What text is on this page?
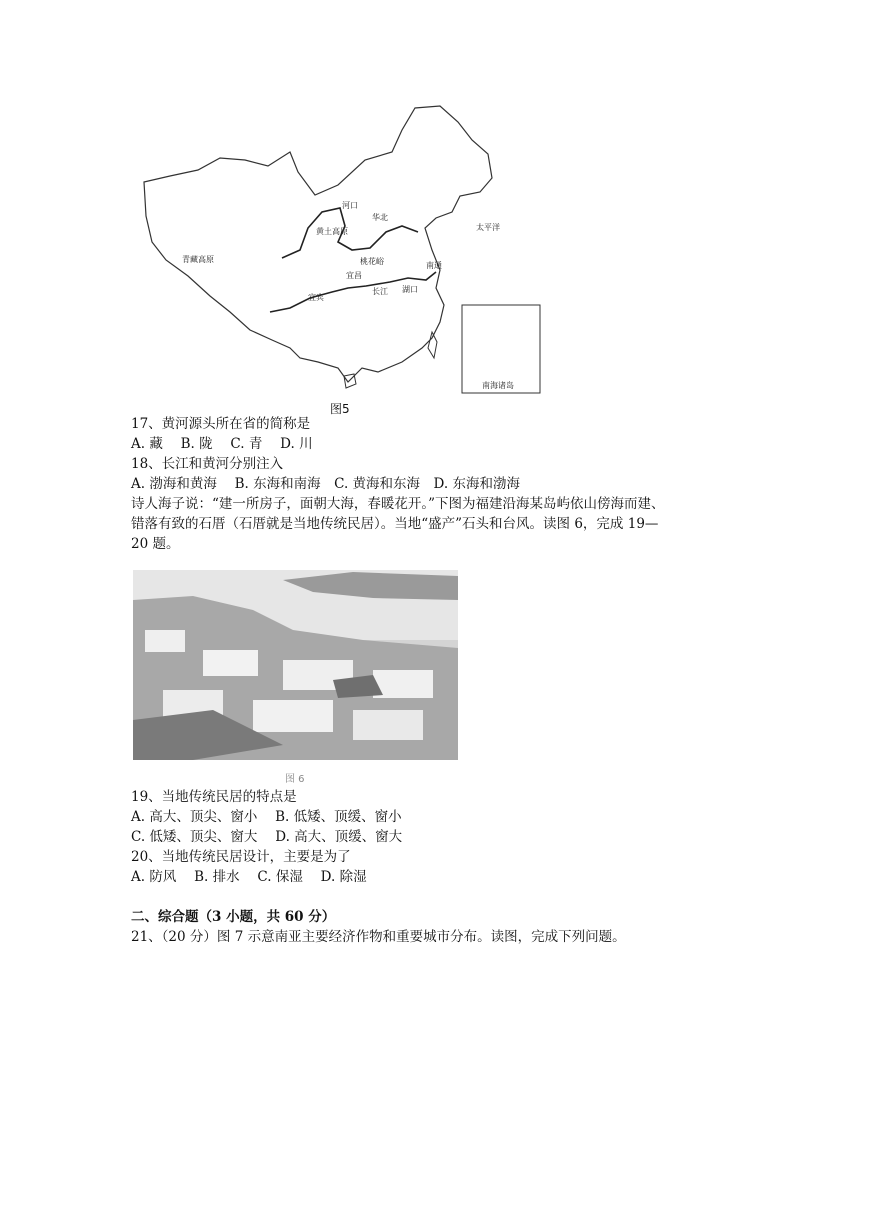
青藏高原
河口
华北
黄土高原
桃花峪
宜宾
宜昌
长江 湖口
南通
太平洋
南海诸岛
图5
17、黄河源头所在省的简称是
A. 藏　 B. 陇　 C. 青　 D. 川
18、长江和黄河分别注入
A. 渤海和黄海　 B. 东海和南海　C. 黄海和东海　D. 东海和渤海
诗人海子说：“建一所房子，面朝大海，春暖花开。”下图为福建沿海某岛屿依山傍海而建、
错落有致的石厝（石厝就是当地传统民居）。当地“盛产”石头和台风。读图 6，完成 19—
20 题。
图 6
19、当地传统民居的特点是
A. 高大、顶尖、窗小　 B. 低矮、顶缓、窗小
C. 低矮、顶尖、窗大　 D. 高大、顶缓、窗大
20、当地传统民居设计，主要是为了
A. 防风　 B. 排水　 C. 保湿　 D. 除湿
二、综合题（3 小题，共 60 分）
21、（20 分）图 7 示意南亚主要经济作物和重要城市分布。读图，完成下列问题。
